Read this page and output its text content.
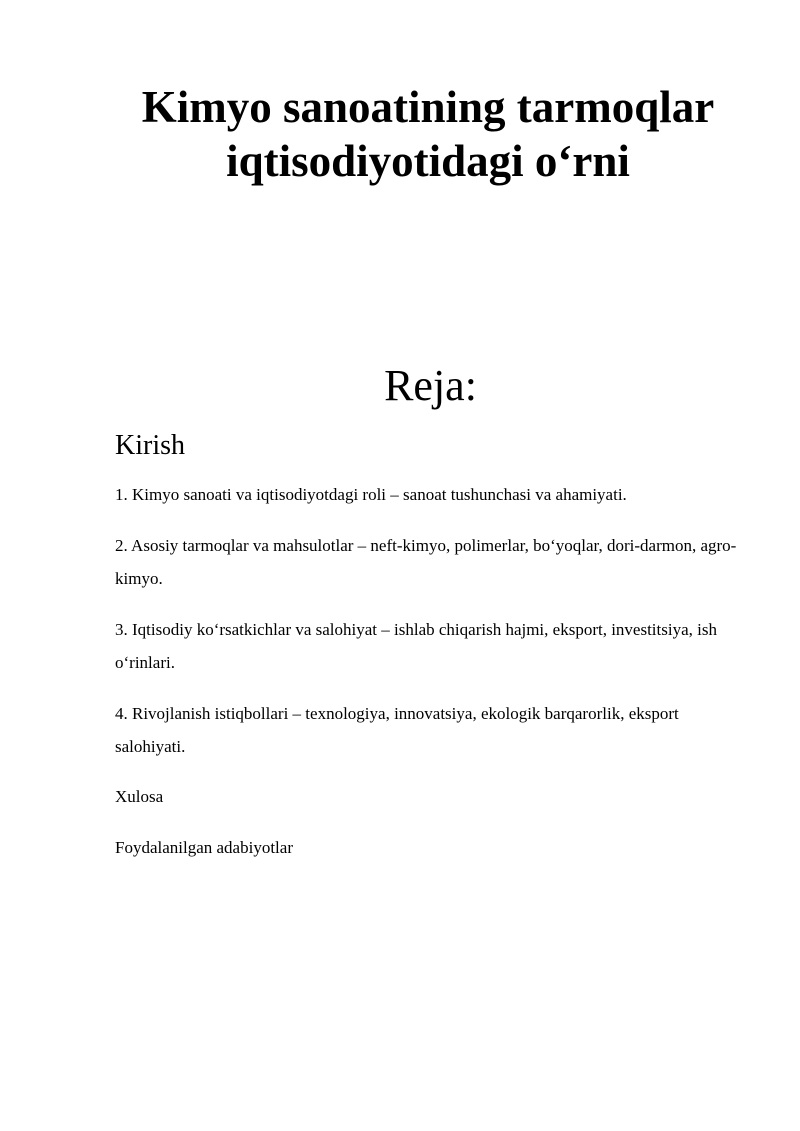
Kimyo sanoatining tarmoqlar iqtisodiyotidagi o‘rni
Reja:
Kirish
1. Kimyo sanoati va iqtisodiyotdagi roli – sanoat tushunchasi va ahamiyati.
2. Asosiy tarmoqlar va mahsulotlar – neft-kimyo, polimerlar, bo‘yoqlar, dori-darmon, agro-kimyo.
3. Iqtisodiy ko‘rsatkichlar va salohiyat – ishlab chiqarish hajmi, eksport, investitsiya, ish o‘rinlari.
4. Rivojlanish istiqbollari – texnologiya, innovatsiya, ekologik barqarorlik, eksport salohiyati.

Xulosa

Foydalanilgan adabiyotlar
